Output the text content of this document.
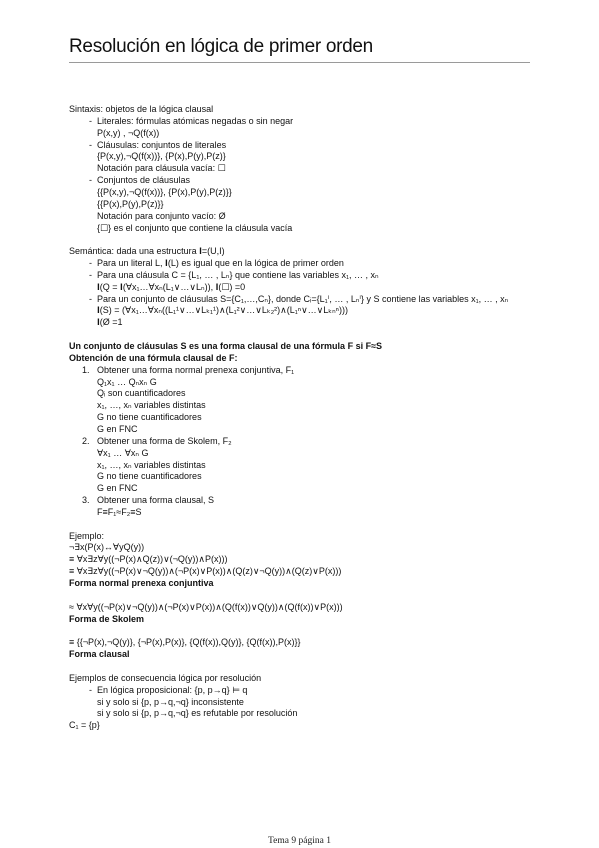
Resolución en lógica de primer orden
Sintaxis: objetos de la lógica clausal
- Literales: fórmulas atómicas negadas o sin negar
P(x,y) , ¬Q(f(x))
- Cláusulas: conjuntos de literales
{P(x,y),¬Q(f(x))}, {P(x),P(y),P(z)}
Notación para cláusula vacía: ☐
- Conjuntos de cláusulas
{{P(x,y),¬Q(f(x))}, {P(x),P(y),P(z)}}
{{P(x),P(y),P(z)}}
Notación para conjunto vacío: Ø
{☐} es el conjunto que contiene la cláusula vacía
Semántica: dada una estructura 𝐈=(U,I)
- Para un literal L, 𝐈(L) es igual que en la lógica de primer orden
- Para una cláusula C = {L₁, … , Lₙ} que contiene las variables x₁, … , xₙ
𝐈(Q = 𝐈(∀x₁…∀xₙ(L₁∨…∨Lₙ)), 𝐈(☐) =0
- Para un conjunto de cláusulas S={C₁,…,Cₙ}, donde Cᵢ={L₁ⁱ, … , Lₙⁱ} y S contiene las variables x₁, … , xₙ
𝐈(S) = (∀x₁…∀xₙ((L₁¹∨…∨Lₖ₁¹)∧(L₁²∨…∨Lₖ₂²)∧(L₁ⁿ∨…∨Lₖₙⁿ)))
𝐈(Ø =1
Un conjunto de cláusulas S es una forma clausal de una fórmula F si F≈S
Obtención de una fórmula clausal de F:
1. Obtener una forma normal prenexa conjuntiva, F₁
Q₁x₁ … Qₙxₙ G
Qᵢ son cuantificadores
x₁, …, xₙ variables distintas
G no tiene cuantificadores
G en FNC
2. Obtener una forma de Skolem, F₂
∀x₁ … ∀xₙ G
x₁, …, xₙ variables distintas
G no tiene cuantificadores
G en FNC
3. Obtener una forma clausal, S
F≡F₁≈F₂≡S
Ejemplo:
¬∃x(P(x)↔∀yQ(y))
≡ ∀x∃z∀y((¬P(x)∧Q(z))∨(¬Q(y))∧P(x)))
≡ ∀x∃z∀y((¬P(x)∨¬Q(y))∧(¬P(x)∨P(x))∧(Q(z)∨¬Q(y))∧(Q(z)∨P(x)))
Forma normal prenexa conjuntiva
≈ ∀x∀y((¬P(x)∨¬Q(y))∧(¬P(x)∨P(x))∧(Q(f(x))∨Q(y))∧(Q(f(x))∨P(x)))
Forma de Skolem
≡ {{¬P(x),¬Q(y)}, {¬P(x),P(x)}, {Q(f(x)),Q(y)}, {Q(f(x)),P(x)}}
Forma clausal
Ejemplos de consecuencia lógica por resolución
- En lógica proposicional: {p, p→q} ⊨ q
si y solo si {p, p→q,¬q} inconsistente
si y solo si {p, p→q,¬q} es refutable por resolución
C₁ = {p}
Tema 9 página 1
